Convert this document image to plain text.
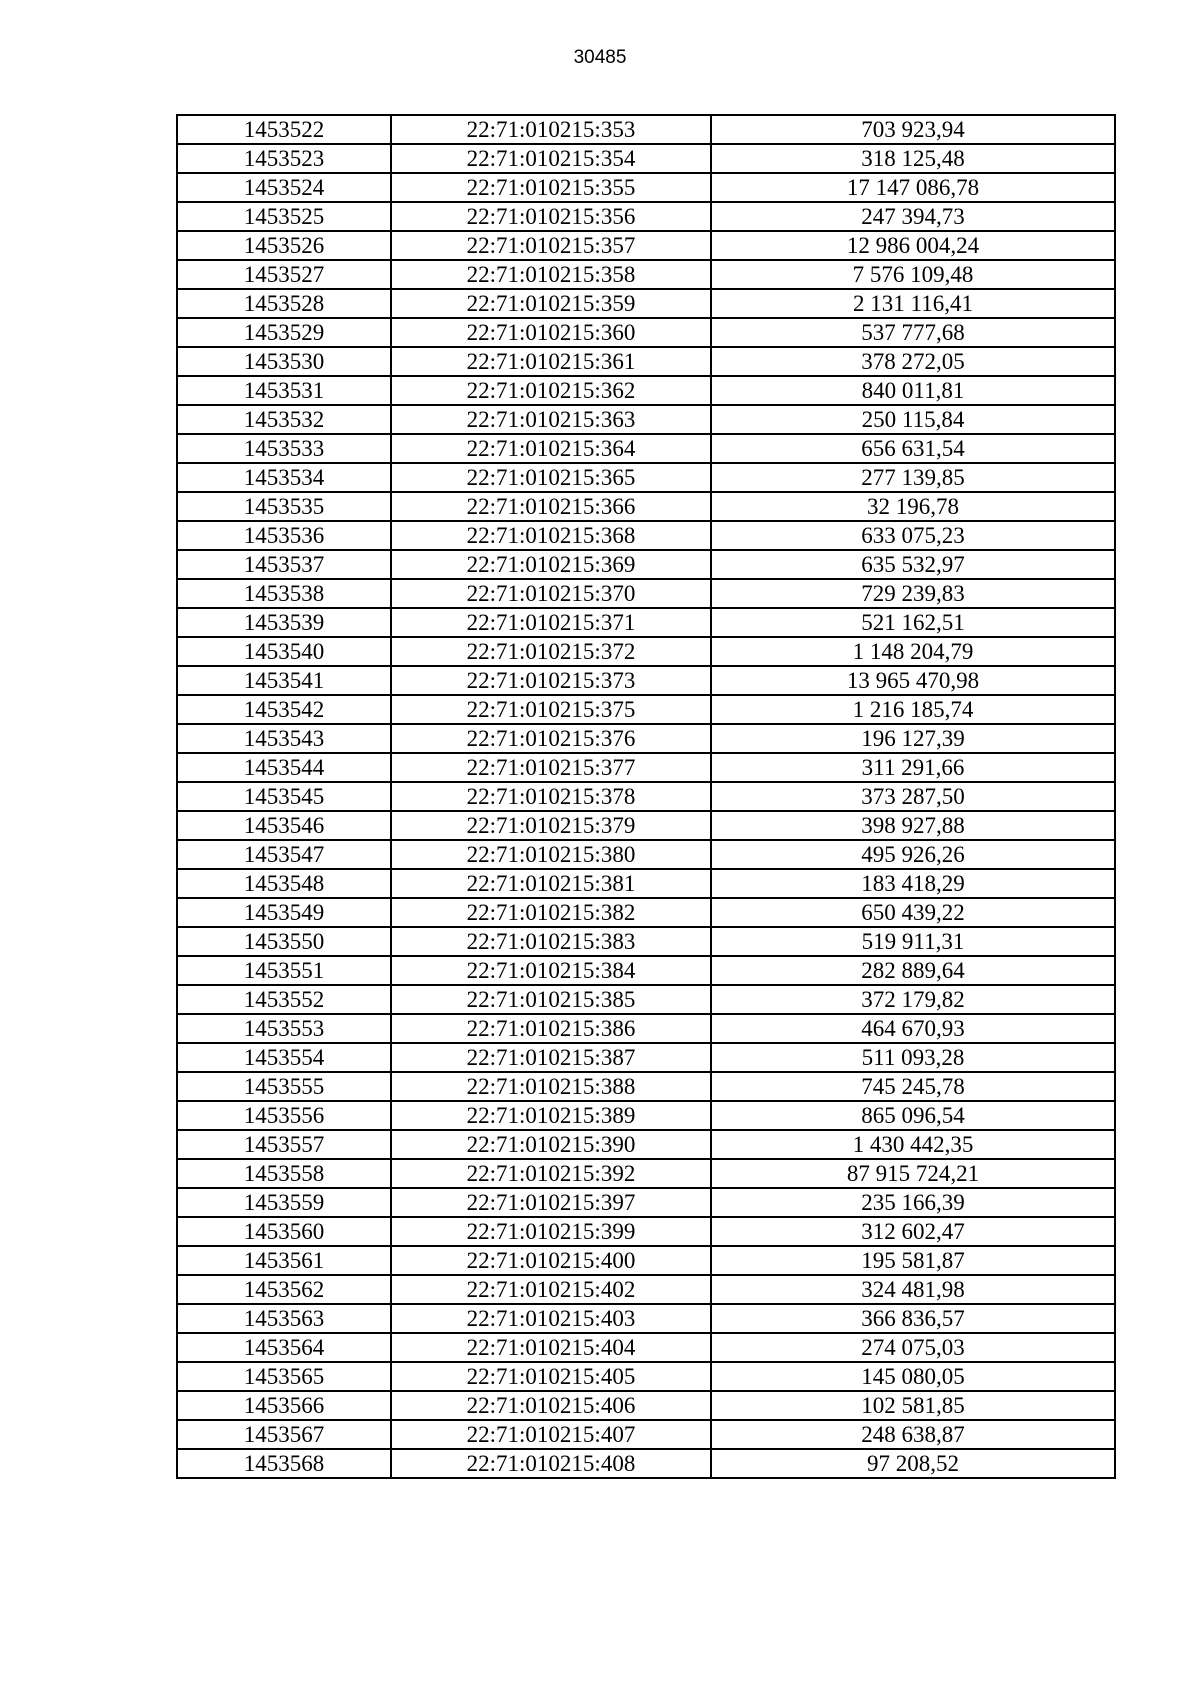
30485
1453522	22:71:010215:353	703 923,94
1453523	22:71:010215:354	318 125,48
1453524	22:71:010215:355	17 147 086,78
1453525	22:71:010215:356	247 394,73
1453526	22:71:010215:357	12 986 004,24
1453527	22:71:010215:358	7 576 109,48
1453528	22:71:010215:359	2 131 116,41
1453529	22:71:010215:360	537 777,68
1453530	22:71:010215:361	378 272,05
1453531	22:71:010215:362	840 011,81
1453532	22:71:010215:363	250 115,84
1453533	22:71:010215:364	656 631,54
1453534	22:71:010215:365	277 139,85
1453535	22:71:010215:366	32 196,78
1453536	22:71:010215:368	633 075,23
1453537	22:71:010215:369	635 532,97
1453538	22:71:010215:370	729 239,83
1453539	22:71:010215:371	521 162,51
1453540	22:71:010215:372	1 148 204,79
1453541	22:71:010215:373	13 965 470,98
1453542	22:71:010215:375	1 216 185,74
1453543	22:71:010215:376	196 127,39
1453544	22:71:010215:377	311 291,66
1453545	22:71:010215:378	373 287,50
1453546	22:71:010215:379	398 927,88
1453547	22:71:010215:380	495 926,26
1453548	22:71:010215:381	183 418,29
1453549	22:71:010215:382	650 439,22
1453550	22:71:010215:383	519 911,31
1453551	22:71:010215:384	282 889,64
1453552	22:71:010215:385	372 179,82
1453553	22:71:010215:386	464 670,93
1453554	22:71:010215:387	511 093,28
1453555	22:71:010215:388	745 245,78
1453556	22:71:010215:389	865 096,54
1453557	22:71:010215:390	1 430 442,35
1453558	22:71:010215:392	87 915 724,21
1453559	22:71:010215:397	235 166,39
1453560	22:71:010215:399	312 602,47
1453561	22:71:010215:400	195 581,87
1453562	22:71:010215:402	324 481,98
1453563	22:71:010215:403	366 836,57
1453564	22:71:010215:404	274 075,03
1453565	22:71:010215:405	145 080,05
1453566	22:71:010215:406	102 581,85
1453567	22:71:010215:407	248 638,87
1453568	22:71:010215:408	97 208,52
